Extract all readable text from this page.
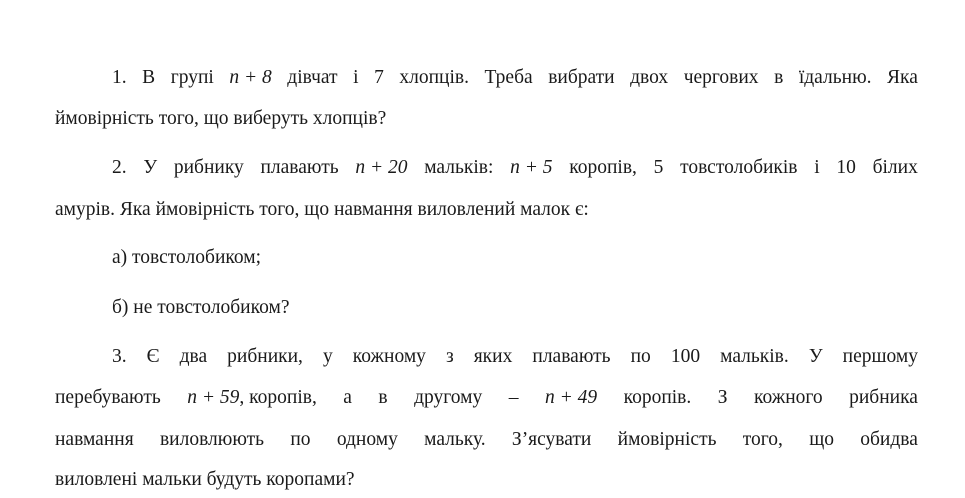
1. В групі n + 8 дівчат і 7 хлопців. Треба вибрати двох чергових в їдальню. Яка
ймовірність того, що виберуть хлопців?
2. У рибнику плавають n + 20 мальків: n + 5 коропів, 5 товстолобиків і 10 білих
амурів. Яка ймовірність того, що навмання виловлений малок є:
а) товстолобиком;
б) не товстолобиком?
3. Є два рибники, у кожному з яких плавають по 100 мальків. У першому
перебувають n + 59, коропів, а в другому – n + 49 коропів. З кожного рибника
навмання виловлюють по одному мальку. З’ясувати ймовірність того, що обидва
виловлені мальки будуть коропами?
